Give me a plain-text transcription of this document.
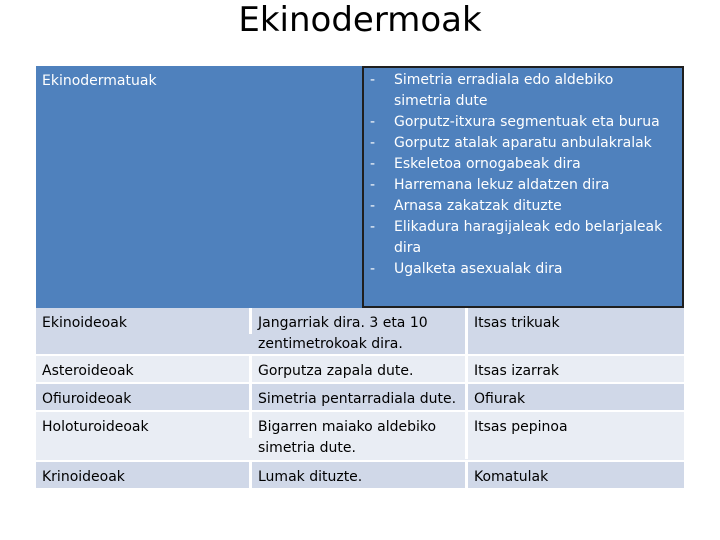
Ekinodermoak
Ekinodermatuak
-	Simetria erradiala edo aldebiko simetria dute
- Gorputz-itxura segmentuak eta burua
- Gorputz atalak aparatu anbulakralak
- Eskeletoa ornogabeak dira
- Harremana lekuz aldatzen dira
- Arnasa zakatzak dituzte
- Elikadura haragijaleak edo belarjaleak dira
- Ugalketa asexualak dira
Ekinoideoak	Jangarriak dira. 3 eta 10 zentimetrokoak dira.
Itsas trikuak
Asteroideoak	Gorputza zapala dute.	Itsas izarrak
Ofiuroideoak	Simetria pentarradiala dute.	Ofiurak
Holoturoideoak	Bigarren maiako aldebiko simetria dute.
Itsas pepinoa
Krinoideoak	Lumak dituzte.	Komatulak
